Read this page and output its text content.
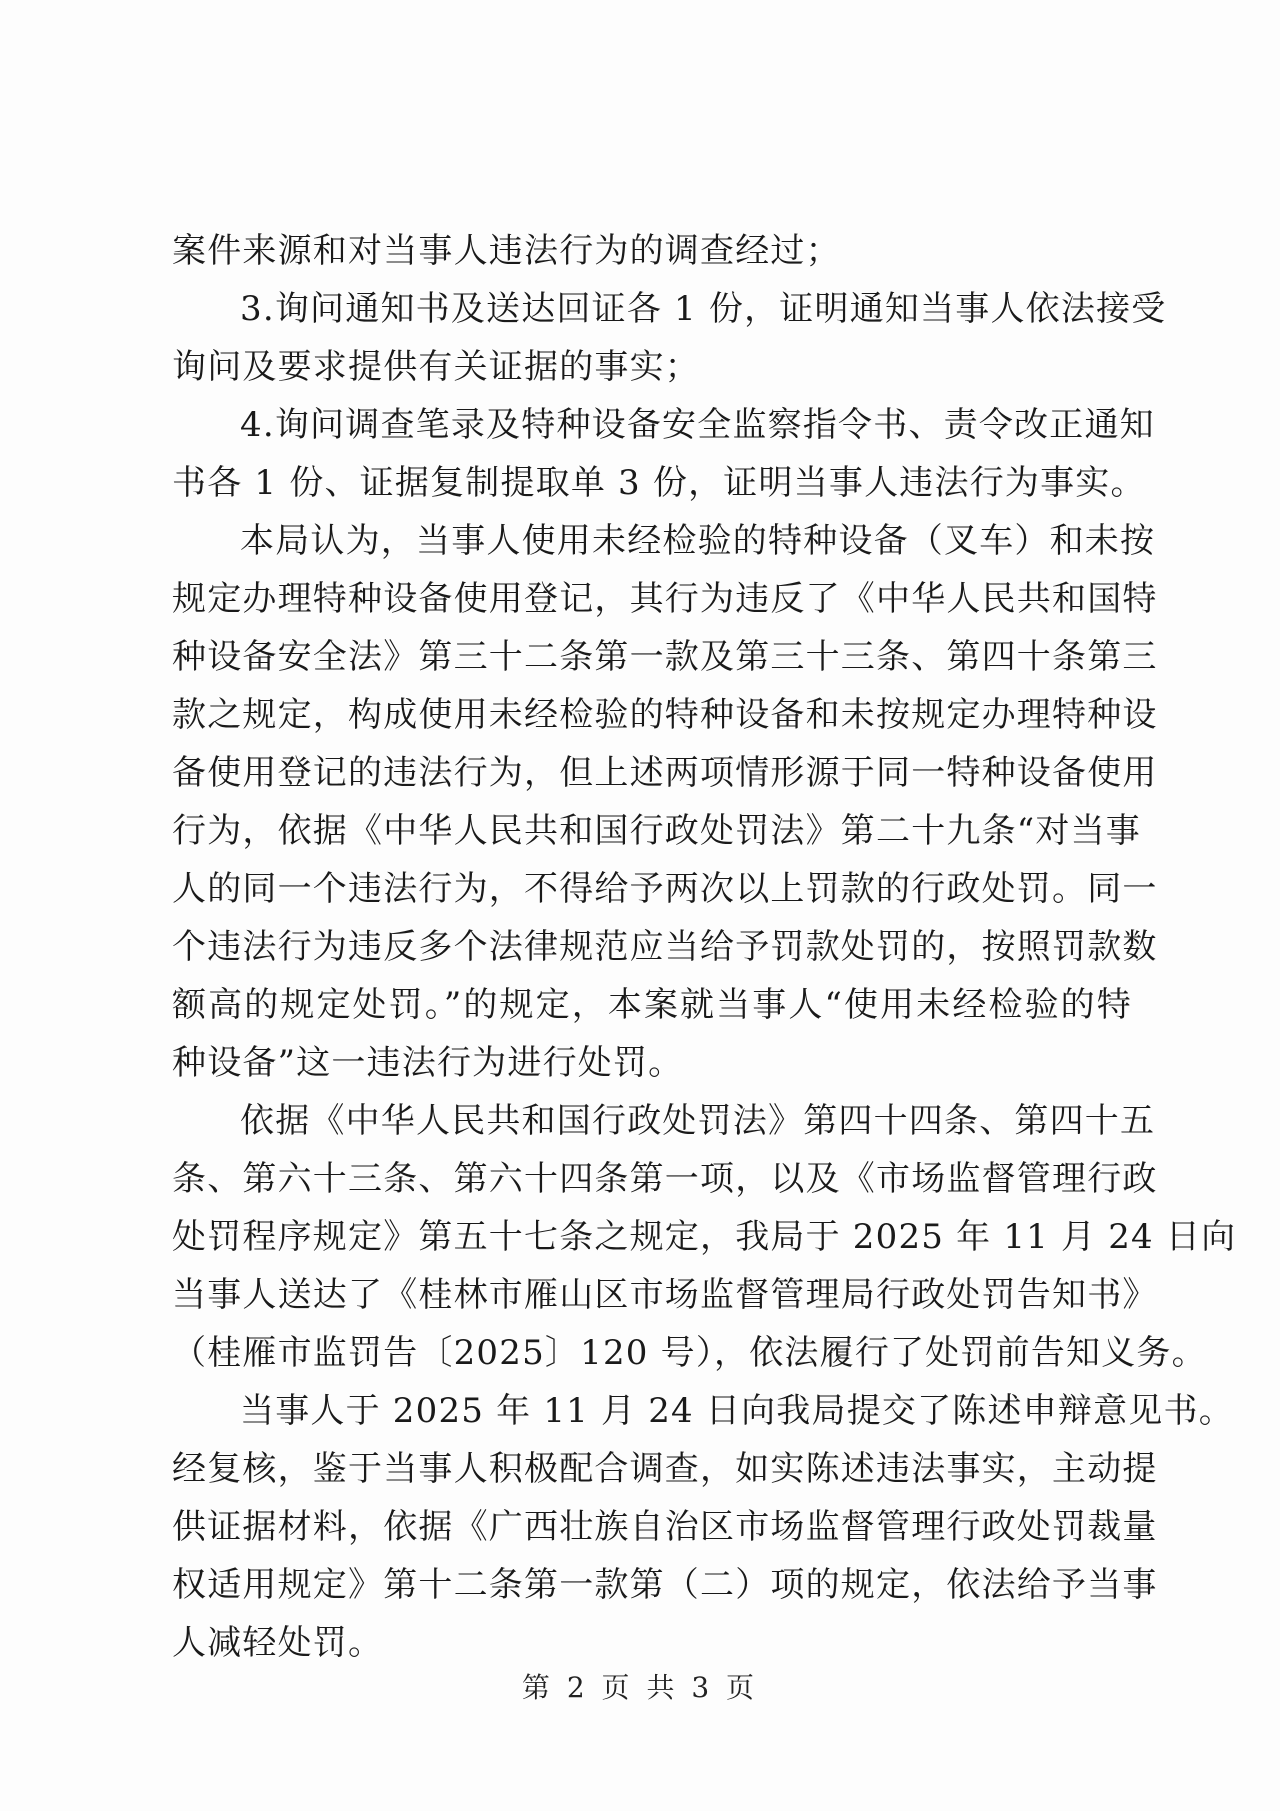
案件来源和对当事人违法行为的调查经过；
3.询问通知书及送达回证各 1 份，证明通知当事人依法接受
询问及要求提供有关证据的事实；
4.询问调查笔录及特种设备安全监察指令书、责令改正通知
书各 1 份、证据复制提取单 3 份，证明当事人违法行为事实。
本局认为，当事人使用未经检验的特种设备（叉车）和未按
规定办理特种设备使用登记，其行为违反了《中华人民共和国特
种设备安全法》第三十二条第一款及第三十三条、第四十条第三
款之规定，构成使用未经检验的特种设备和未按规定办理特种设
备使用登记的违法行为，但上述两项情形源于同一特种设备使用
行为，依据《中华人民共和国行政处罚法》第二十九条“对当事
人的同一个违法行为，不得给予两次以上罚款的行政处罚。同一
个违法行为违反多个法律规范应当给予罚款处罚的，按照罚款数
额高的规定处罚。”的规定，本案就当事人“使用未经检验的特
种设备”这一违法行为进行处罚。
依据《中华人民共和国行政处罚法》第四十四条、第四十五
条、第六十三条、第六十四条第一项，以及《市场监督管理行政
处罚程序规定》第五十七条之规定，我局于 2025 年 11 月 24 日向
当事人送达了《桂林市雁山区市场监督管理局行政处罚告知书》
（桂雁市监罚告〔2025〕120 号），依法履行了处罚前告知义务。
当事人于 2025 年 11 月 24 日向我局提交了陈述申辩意见书。
经复核，鉴于当事人积极配合调查，如实陈述违法事实，主动提
供证据材料，依据《广西壮族自治区市场监督管理行政处罚裁量
权适用规定》第十二条第一款第（二）项的规定，依法给予当事
人减轻处罚。
第 2 页 共 3 页
